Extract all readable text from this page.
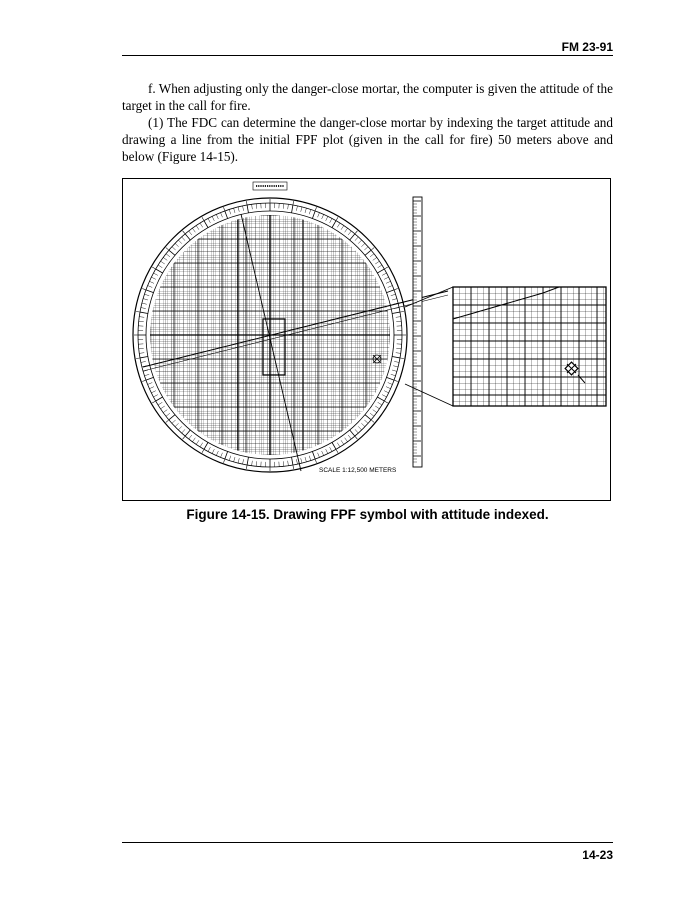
FM 23-91

f. When adjusting only the danger-close mortar, the computer is given the attitude of the target in the call for fire.

(1) The FDC can determine the danger-close mortar by indexing the target attitude and drawing a line from the initial FPF plot (given in the call for fire) 50 meters above and below (Figure 14-15).

SCALE 1:12,500 METERS
Figure 14-15. Drawing FPF symbol with attitude indexed.
14-23
